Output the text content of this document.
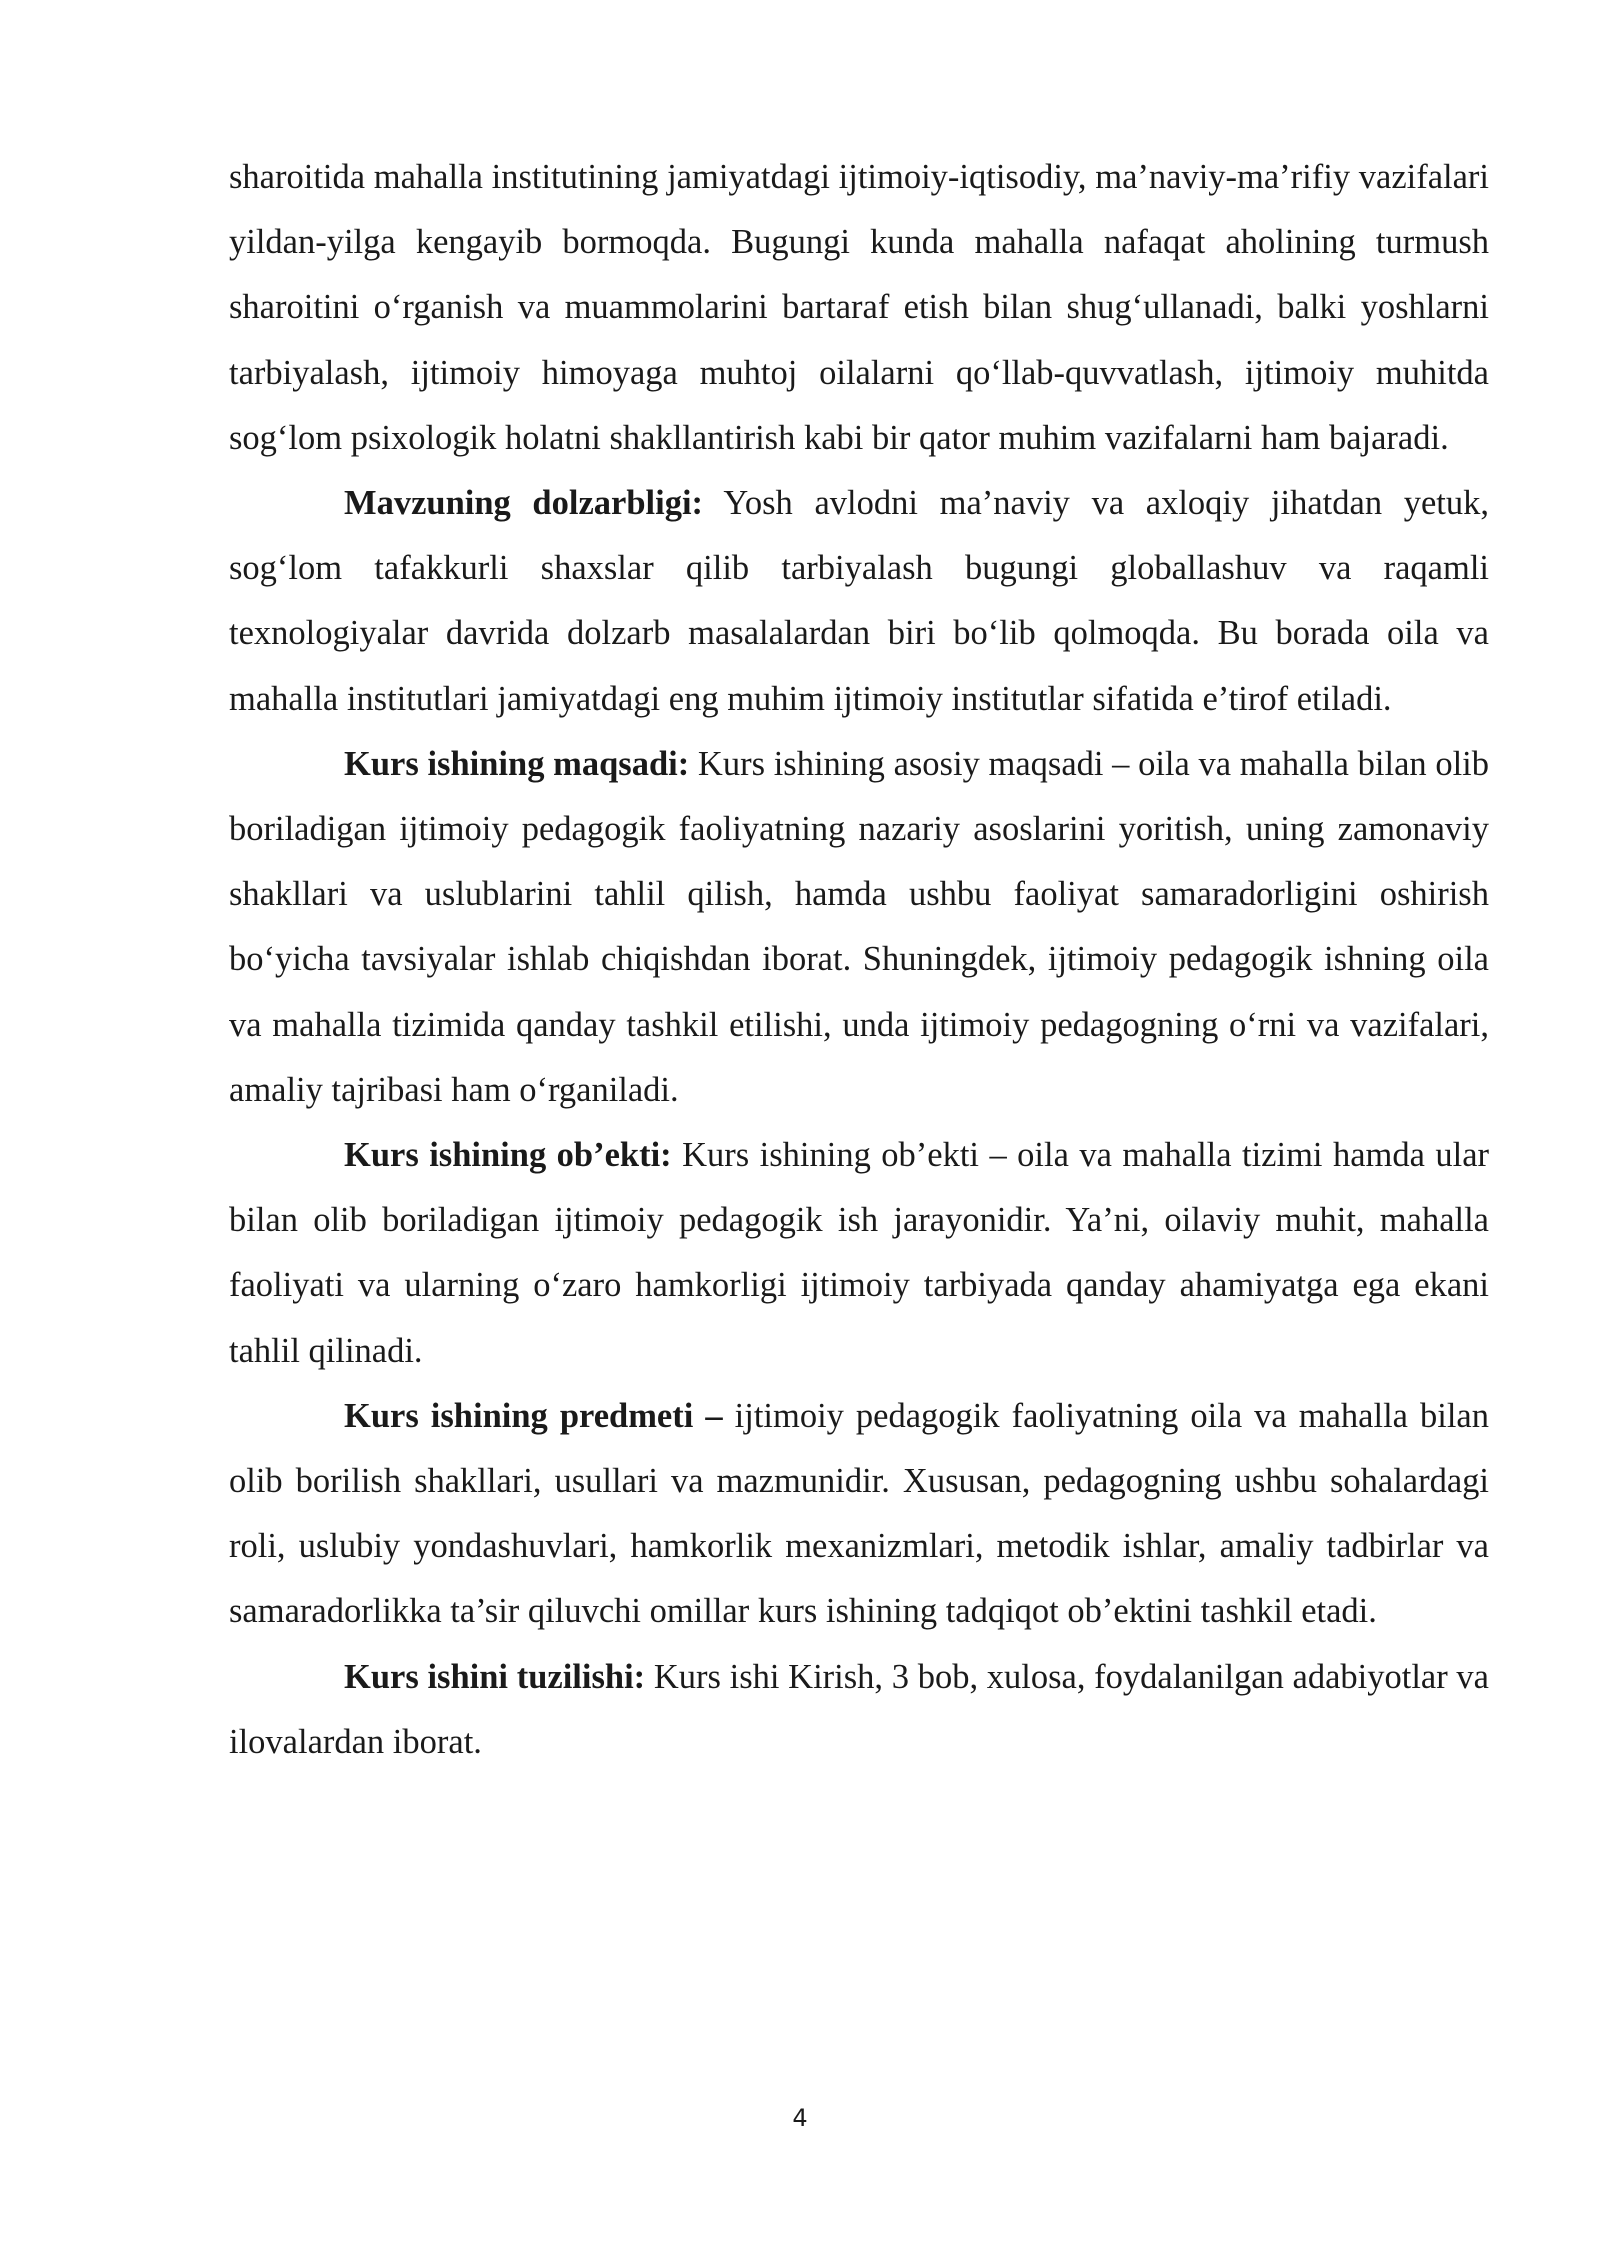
sharoitida mahalla institutining jamiyatdagi ijtimoiy-iqtisodiy, ma’naviy-ma’rifiy vazifalari yildan-yilga kengayib bormoqda. Bugungi kunda mahalla nafaqat aholining turmush sharoitini o‘rganish va muammolarini bartaraf etish bilan shug‘ullanadi, balki yoshlarni tarbiyalash, ijtimoiy himoyaga muhtoj oilalarni qo‘llab-quvvatlash, ijtimoiy muhitda sog‘lom psixologik holatni shakllantirish kabi bir qator muhim vazifalarni ham bajaradi.

Mavzuning dolzarbligi: Yosh avlodni ma’naviy va axloqiy jihatdan yetuk, sog‘lom tafakkurli shaxslar qilib tarbiyalash bugungi globallashuv va raqamli texnologiyalar davrida dolzarb masalalardan biri bo‘lib qolmoqda. Bu borada oila va mahalla institutlari jamiyatdagi eng muhim ijtimoiy institutlar sifatida e’tirof etiladi.

Kurs ishining maqsadi: Kurs ishining asosiy maqsadi – oila va mahalla bilan olib boriladigan ijtimoiy pedagogik faoliyatning nazariy asoslarini yoritish, uning zamonaviy shakllari va uslublarini tahlil qilish, hamda ushbu faoliyat samaradorligini oshirish bo‘yicha tavsiyalar ishlab chiqishdan iborat. Shuningdek, ijtimoiy pedagogik ishning oila va mahalla tizimida qanday tashkil etilishi, unda ijtimoiy pedagogning o‘rni va vazifalari, amaliy tajribasi ham o‘rganiladi.

Kurs ishining ob’ekti: Kurs ishining ob’ekti – oila va mahalla tizimi hamda ular bilan olib boriladigan ijtimoiy pedagogik ish jarayonidir. Ya’ni, oilaviy muhit, mahalla faoliyati va ularning o‘zaro hamkorligi ijtimoiy tarbiyada qanday ahamiyatga ega ekani tahlil qilinadi.

Kurs ishining predmeti – ijtimoiy pedagogik faoliyatning oila va mahalla bilan olib borilish shakllari, usullari va mazmunidir. Xususan, pedagogning ushbu sohalardagi roli, uslubiy yondashuvlari, hamkorlik mexanizmlari, metodik ishlar, amaliy tadbirlar va samaradorlikka ta’sir qiluvchi omillar kurs ishining tadqiqot ob’ektini tashkil etadi.

Kurs ishini tuzilishi: Kurs ishi Kirish, 3 bob, xulosa, foydalanilgan adabiyotlar va ilovalardan iborat.

4
